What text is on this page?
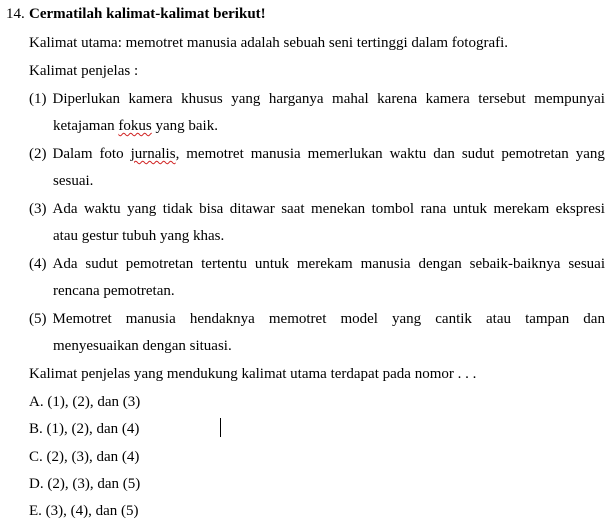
14. Cermatilah kalimat-kalimat berikut!
Kalimat utama: memotret manusia adalah sebuah seni tertinggi dalam fotografi.
Kalimat penjelas :
(1) Diperlukan kamera khusus yang harganya mahal karena kamera tersebut mempunyai
ketajaman fokus yang baik.
(2) Dalam foto jurnalis, memotret manusia memerlukan waktu dan sudut pemotretan yang
sesuai.
(3) Ada waktu yang tidak bisa ditawar saat menekan tombol rana untuk merekam ekspresi
atau gestur tubuh yang khas.
(4) Ada sudut pemotretan tertentu untuk merekam manusia dengan sebaik-baiknya sesuai
rencana pemotretan.
(5) Memotret manusia hendaknya memotret model yang cantik atau tampan dan
menyesuaikan dengan situasi.
Kalimat penjelas yang mendukung kalimat utama terdapat pada nomor . . .
A. (1), (2), dan (3)
B. (1), (2), dan (4)
C. (2), (3), dan (4)
D. (2), (3), dan (5)
E. (3), (4), dan (5)
